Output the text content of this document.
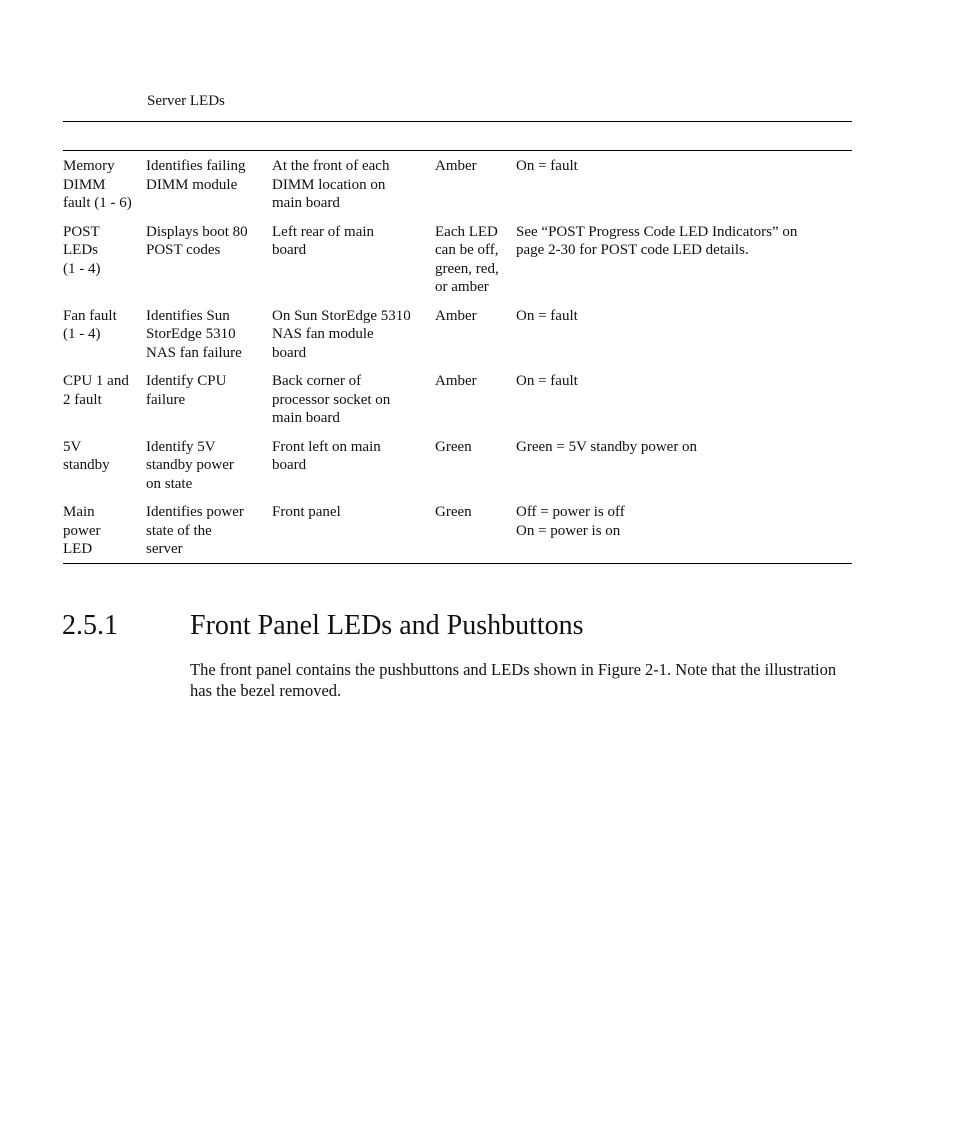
Server LEDs
Memory
DIMM
fault (1 - 6)	Identifies failing
DIMM module	At the front of each
DIMM location on
main board	Amber	On = fault

POST
LEDs
(1 - 4)	Displays boot 80
POST codes	Left rear of main
board	Each LED
can be off,
green, red,
or amber	See “POST Progress Code LED Indicators” on
page 2-30 for POST code LED details.

Fan fault
(1 - 4)	Identifies Sun
StorEdge 5310
NAS fan failure	On Sun StorEdge 5310
NAS fan module
board	Amber	On = fault

CPU 1 and
2 fault	Identify CPU
failure	Back corner of
processor socket on
main board	Amber	On = fault

5V
standby	Identify 5V
standby power
on state	Front left on main
board	Green	Green = 5V standby power on

Main
power
LED	Identifies power
state of the
server	Front panel	Green	Off = power is off
On = power is on
2.5.1	Front Panel LEDs and Pushbuttons
The front panel contains the pushbuttons and LEDs shown in Figure 2-1. Note that the illustration has the bezel removed.
